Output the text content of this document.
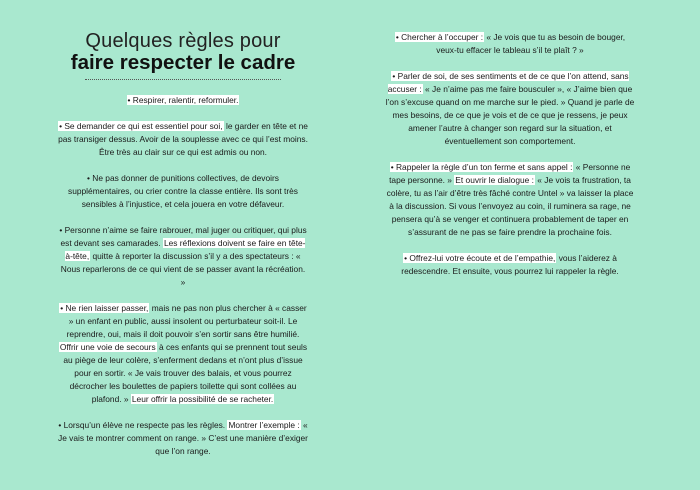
Quelques règles pour
faire respecter le cadre

• Respirer, ralentir, reformuler.

• Se demander ce qui est essentiel pour soi, le garder en tête et ne pas transiger dessus. Avoir de la souplesse avec ce qui l’est moins. Être très au clair sur ce qui est admis ou non.

• Ne pas donner de punitions collectives, de devoirs supplémentaires, ou crier contre la classe entière. Ils sont très sensibles à l’injustice, et cela jouera en votre défaveur.

• Personne n’aime se faire rabrouer, mal juger ou critiquer, qui plus est devant ses camarades. Les réflexions doivent se faire en tête-à-tête, quitte à reporter la discussion s’il y a des spectateurs : « Nous reparlerons de ce qui vient de se passer avant la récréation. »

• Ne rien laisser passer, mais ne pas non plus chercher à « casser » un enfant en public, aussi insolent ou perturbateur soit-il. Le reprendre, oui, mais il doit pouvoir s’en sortir sans être humilié. Offrir une voie de secours à ces enfants qui se prennent tout seuls au piège de leur colère, s’enferment dedans et n’ont plus d’issue pour en sortir. « Je vais trouver des balais, et vous pourrez décrocher les boulettes de papiers toilette qui sont collées au plafond. » Leur offrir la possibilité de se racheter.

• Lorsqu’un élève ne respecte pas les règles. Montrer l’exemple : « Je vais te montrer comment on range. » C’est une manière d’exiger que l’on range.

• Chercher à l’occuper : « Je vois que tu as besoin de bouger, veux-tu effacer le tableau s’il te plaît ? »

• Parler de soi, de ses sentiments et de ce que l’on attend, sans accuser : « Je n’aime pas me faire bousculer », « J’aime bien que l’on s’excuse quand on me marche sur le pied. » Quand je parle de mes besoins, de ce que je vois et de ce que je ressens, je peux amener l’autre à changer son regard sur la situation, et éventuellement son comportement.

• Rappeler la règle d’un ton ferme et sans appel : « Personne ne tape personne. » Et ouvrir le dialogue : « Je vois ta frustration, ta colère, tu as l’air d’être très fâché contre Untel » va laisser la place à la discussion. Si vous l’envoyez au coin, il ruminera sa rage, ne pensera qu’à se venger et continuera probablement de taper en s’assurant de ne pas se faire prendre la prochaine fois.

• Offrez-lui votre écoute et de l’empathie, vous l’aiderez à redescendre. Et ensuite, vous pourrez lui rappeler la règle.
